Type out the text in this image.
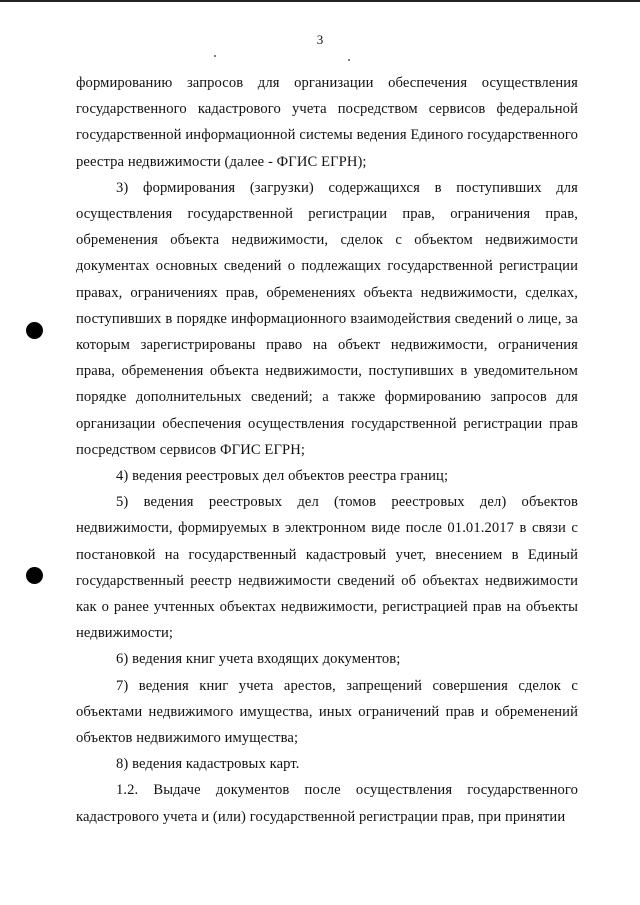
3

формированию запросов для организации обеспечения осуществления государственного кадастрового учета посредством сервисов федеральной государственной информационной системы ведения Единого государственного реестра недвижимости (далее - ФГИС ЕГРН);

3) формирования (загрузки) содержащихся в поступивших для осуществления государственной регистрации прав, ограничения прав, обременения объекта недвижимости, сделок с объектом недвижимости документах основных сведений о подлежащих государственной регистрации правах, ограничениях прав, обременениях объекта недвижимости, сделках, поступивших в порядке информационного взаимодействия сведений о лице, за которым зарегистрированы право на объект недвижимости, ограничения права, обременения объекта недвижимости, поступивших в уведомительном порядке дополнительных сведений; а также формированию запросов для организации обеспечения осуществления государственной регистрации прав посредством сервисов ФГИС ЕГРН;

4) ведения реестровых дел объектов реестра границ;

5) ведения реестровых дел (томов реестровых дел) объектов недвижимости, формируемых в электронном виде после 01.01.2017 в связи с постановкой на государственный кадастровый учет, внесением в Единый государственный реестр недвижимости сведений об объектах недвижимости как о ранее учтенных объектах недвижимости, регистрацией прав на объекты недвижимости;

6) ведения книг учета входящих документов;

7) ведения книг учета арестов, запрещений совершения сделок с объектами недвижимого имущества, иных ограничений прав и обременений объектов недвижимого имущества;

8) ведения кадастровых карт.

1.2. Выдаче документов после осуществления государственного кадастрового учета и (или) государственной регистрации прав, при принятии
